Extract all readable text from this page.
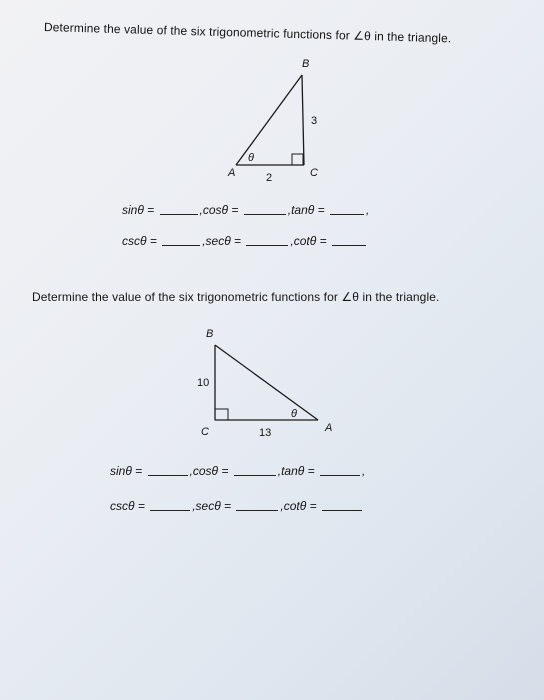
Determine the value of the six trigonometric functions for ∠θ in the triangle.
B
3
θ
A	2	C
sinθ =	,cosθ =	,tanθ =	,
cscθ =	,secθ =	,cotθ =
Determine the value of the six trigonometric functions for ∠θ in the triangle.
B
10
θ
C	13	A
sinθ =	,cosθ =	,tanθ =	,
cscθ =	,secθ =	,cotθ =
